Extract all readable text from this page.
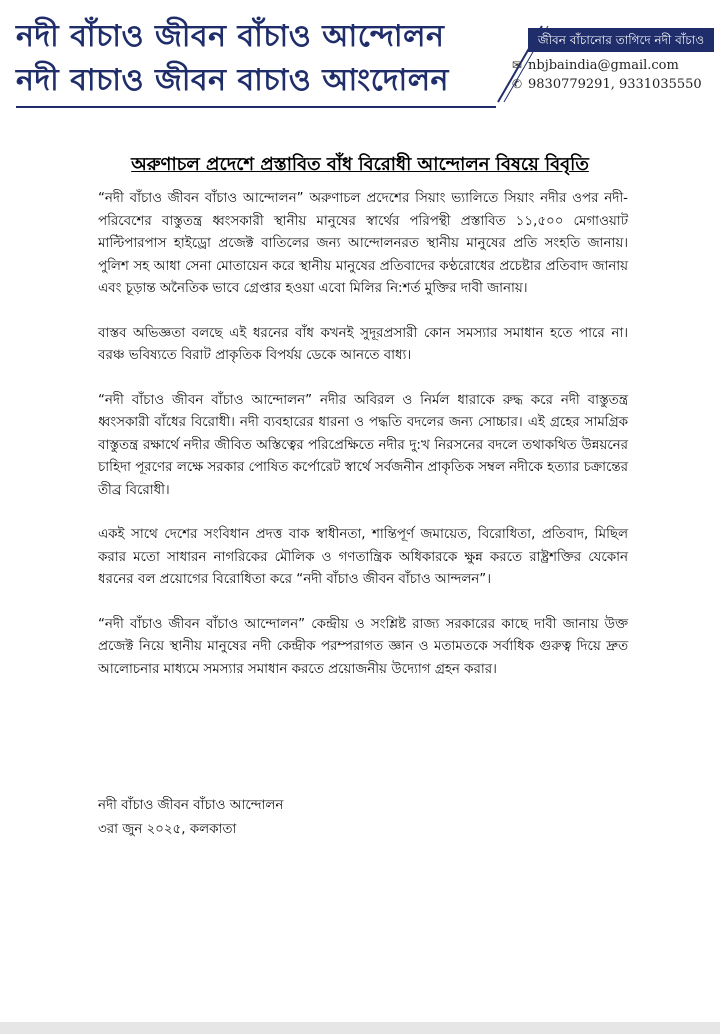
নদী বাঁচাও জীবন বাঁচাও আন্দোলন
নদী বাচাও জীবন বাচাও আংদোলন
জীবন বাঁচানোর তাগিদে নদী বাঁচাও
✉ nbjbaindia@gmail.com
✆ 9830779291, 9331035550
অরুণাচল প্রদেশে প্রস্তাবিত বাঁধ বিরোধী আন্দোলন বিষয়ে বিবৃতি

“নদী বাঁচাও জীবন বাঁচাও আন্দোলন” অরুণাচল প্রদেশের সিয়াং ভ্যালিতে সিয়াং নদীর ওপর নদী-পরিবেশের বাস্তুতন্ত্র ধ্বংসকারী স্থানীয় মানুষের স্বার্থের পরিপন্থী প্রস্তাবিত ১১,৫০০ মেগাওয়াট মাল্টিপারপাস হাইড্রো প্রজেক্ট বাতিলের জন্য আন্দোলনরত স্থানীয় মানুষের প্রতি সংহতি জানায়। পুলিশ সহ আধা সেনা মোতায়েন করে স্থানীয় মানুষের প্রতিবাদের কণ্ঠরোধের প্রচেষ্টার প্রতিবাদ জানায় এবং চূড়ান্ত অনৈতিক ভাবে গ্রেপ্তার হওয়া এবো মিলির নি:শর্ত মুক্তির দাবী জানায়।

বাস্তব অভিজ্ঞতা বলছে এই ধরনের বাঁধ কখনই সুদূরপ্রসারী কোন সমস্যার সমাধান হতে পারে না। বরঞ্চ ভবিষ্যতে বিরাট প্রাকৃতিক বিপর্যয় ডেকে আনতে বাধ্য।

“নদী বাঁচাও জীবন বাঁচাও আন্দোলন” নদীর অবিরল ও নির্মল ধারাকে রুদ্ধ করে নদী বাস্তুতন্ত্র ধ্বংসকারী বাঁধের বিরোধী। নদী ব্যবহারের ধারনা ও পদ্ধতি বদলের জন্য সোচ্চার। এই গ্রহের সামগ্রিক বাস্তুতন্ত্র রক্ষার্থে নদীর জীবিত অস্তিত্বের পরিপ্রেক্ষিতে নদীর দু:খ নিরসনের বদলে তথাকথিত উন্নয়নের চাহিদা পূরণের লক্ষে সরকার পোষিত কর্পোরেট স্বার্থে সর্বজনীন প্রাকৃতিক সম্বল নদীকে হত্যার চক্রান্তের তীব্র বিরোধী।

একই সাথে দেশের সংবিধান প্রদত্ত বাক স্বাধীনতা, শান্তিপূর্ণ জমায়েত, বিরোধিতা, প্রতিবাদ, মিছিল করার মতো সাধারন নাগরিকের মৌলিক ও গণতান্ত্রিক অধিকারকে ক্ষুন্ন করতে রাষ্ট্রশক্তির যেকোন ধরনের বল প্রয়োগের বিরোধিতা করে “নদী বাঁচাও জীবন বাঁচাও আন্দলন”।

“নদী বাঁচাও জীবন বাঁচাও আন্দোলন” কেন্দ্রীয় ও সংশ্লিষ্ট রাজ্য সরকারের কাছে দাবী জানায় উক্ত প্রজেক্ট নিয়ে স্থানীয় মানুষের নদী কেন্দ্রীক পরম্পরাগত জ্ঞান ও মতামতকে সর্বাধিক গুরুত্ব দিয়ে দ্রুত আলোচনার মাধ্যমে সমস্যার সমাধান করতে প্রয়োজনীয় উদ্যোগ গ্রহন করার।

নদী বাঁচাও জীবন বাঁচাও আন্দোলন
৩রা জুন ২০২৫, কলকাতা
